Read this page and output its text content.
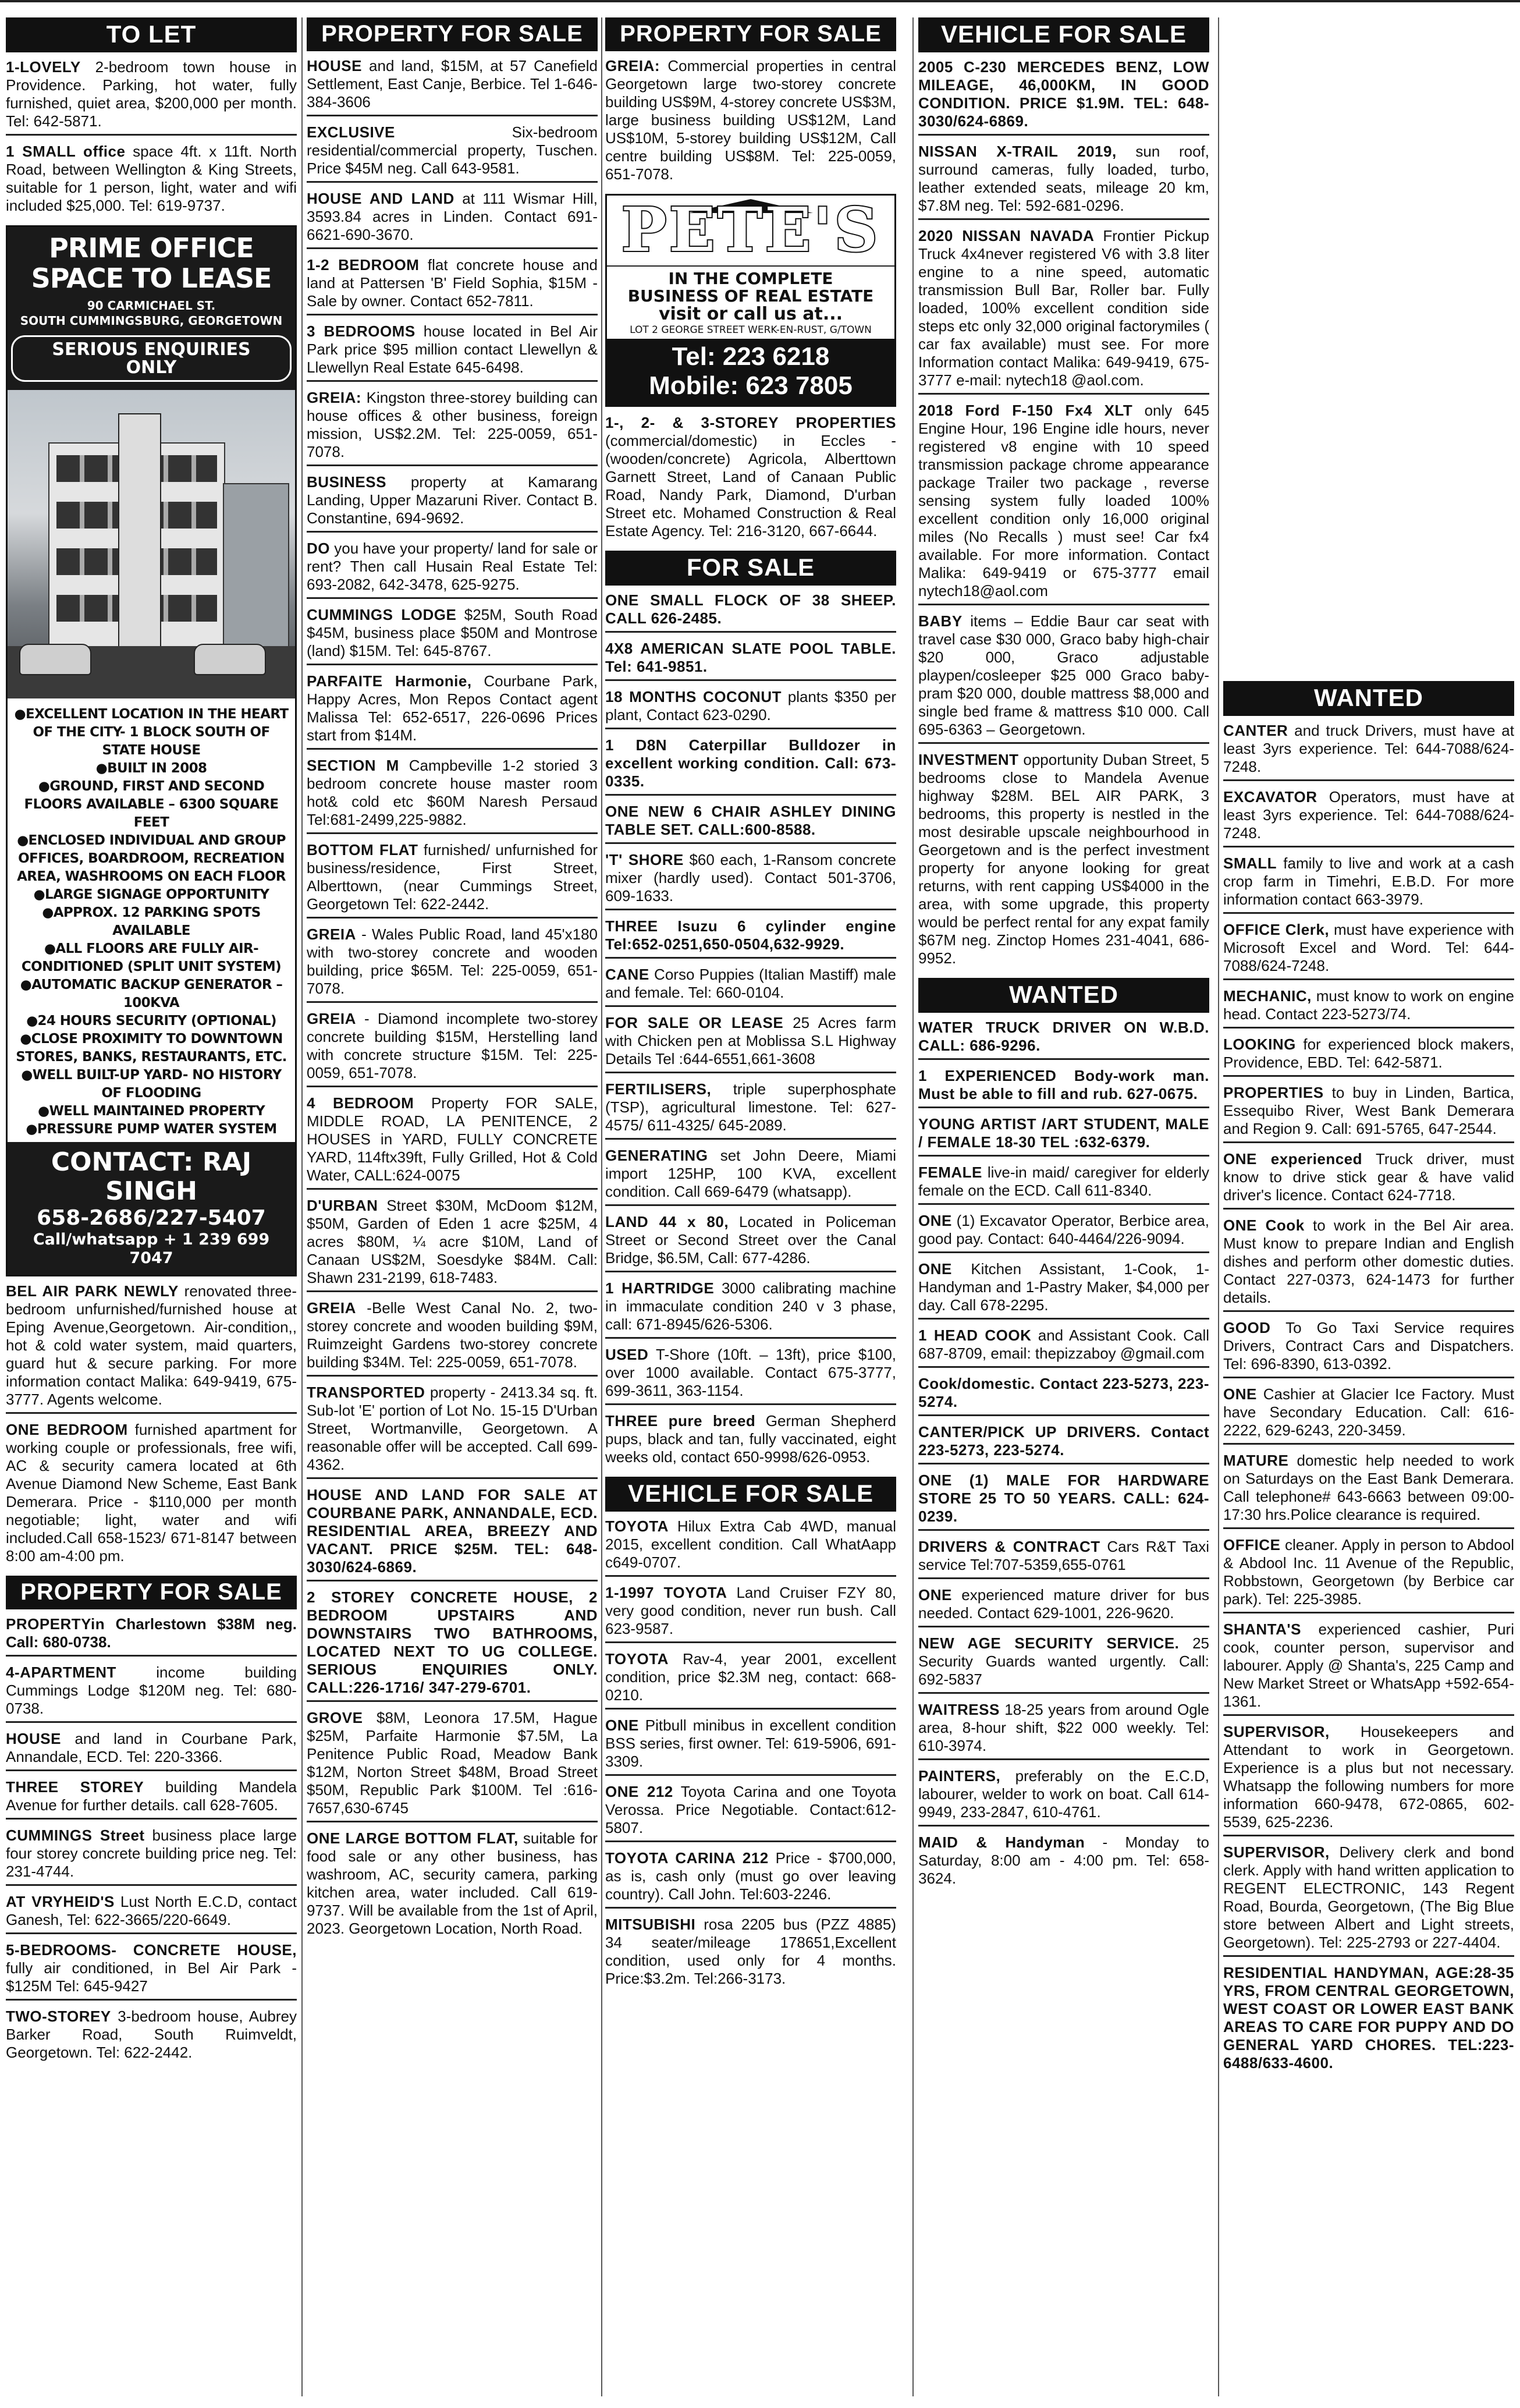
TO LET
1-LOVELY 2-bedroom town house in Providence. Parking, hot water, fully furnished, quiet area, $200,000 per month. Tel: 642-5871.
1 SMALL office space 4ft. x 11ft. North Road, between Wellington & King Streets, suitable for 1 person, light, water and wifi included $25,000. Tel: 619-9737.
PRIME OFFICE SPACE TO LEASE
90 CARMICHAEL ST.
SOUTH CUMMINGSBURG, GEORGETOWN
SERIOUS ENQUIRIES ONLY
● EXCELLENT LOCATION IN THE HEART OF THE CITY- 1 BLOCK SOUTH OF STATE HOUSE
● BUILT IN 2008
● GROUND, FIRST AND SECOND FLOORS AVAILABLE – 6300 SQUARE FEET
● ENCLOSED INDIVIDUAL AND GROUP OFFICES, BOARDROOM, RECREATION AREA, WASHROOMS ON EACH FLOOR
● LARGE SIGNAGE OPPORTUNITY
● APPROX. 12 PARKING SPOTS AVAILABLE
● ALL FLOORS ARE FULLY AIR-CONDITIONED (SPLIT UNIT SYSTEM)
● AUTOMATIC BACKUP GENERATOR – 100KVA
● 24 HOURS SECURITY (OPTIONAL)
● CLOSE PROXIMITY TO DOWNTOWN STORES, BANKS, RESTAURANTS, ETC.
● WELL BUILT-UP YARD- NO HISTORY OF FLOODING
● WELL MAINTAINED PROPERTY
● PRESSURE PUMP WATER SYSTEM
CONTACT: RAJ SINGH
658-2686/227-5407
Call/whatsapp + 1 239 699 7047
BEL AIR PARK NEWLY renovated three-bedroom unfurnished/furnished house at Eping Avenue,Georgetown. Air-condition,, hot & cold water system, maid quarters, guard hut & secure parking. For more information contact Malika: 649-9419, 675-3777. Agents welcome.
ONE BEDROOM furnished apartment for working couple or professionals, free wifi, AC & security camera located at 6th Avenue Diamond New Scheme, East Bank Demerara. Price - $110,000 per month negotiable; light, water and wifi included.Call 658-1523/ 671-8147 between 8:00 am-4:00 pm.
PROPERTY FOR SALE
PROPERTYin Charlestown $38M neg. Call: 680-0738.
4-APARTMENT income building Cummings Lodge $120M neg. Tel: 680-0738.
HOUSE and land in Courbane Park, Annandale, ECD. Tel: 220-3366.
THREE STOREY building Mandela Avenue for further details. call 628-7605.
CUMMINGS Street business place large four storey concrete building price neg. Tel: 231-4744.
AT VRYHEID'S Lust North E.C.D, contact Ganesh, Tel: 622-3665/220-6649.
5-BEDROOMS- CONCRETE HOUSE, fully air conditioned, in Bel Air Park - $125M Tel: 645-9427
TWO-STOREY 3-bedroom house, Aubrey Barker Road, South Ruimveldt, Georgetown. Tel: 622-2442.
PROPERTY FOR SALE
HOUSE and land, $15M, at 57 Canefield Settlement, East Canje, Berbice. Tel 1-646-384-3606
EXCLUSIVE Six-bedroom residential/commercial property, Tuschen. Price $45M neg. Call 643-9581.
HOUSE AND LAND at 111 Wismar Hill, 3593.84 acres in Linden. Contact 691-6621-690-3670.
1-2 BEDROOM flat concrete house and land at Pattersen 'B' Field Sophia, $15M - Sale by owner. Contact 652-7811.
3 BEDROOMS house located in Bel Air Park price $95 million contact Llewellyn & Llewellyn Real Estate 645-6498.
GREIA: Kingston three-storey building can house offices & other business, foreign mission, US$2.2M. Tel: 225-0059, 651-7078.
BUSINESS property at Kamarang Landing, Upper Mazaruni River. Contact B. Constantine, 694-9692.
DO you have your property/ land for sale or rent? Then call Husain Real Estate Tel: 693-2082, 642-3478, 625-9275.
CUMMINGS LODGE $25M, South Road $45M, business place $50M and Montrose (land) $15M. Tel: 645-8767.
PARFAITE Harmonie, Courbane Park, Happy Acres, Mon Repos Contact agent Malissa Tel: 652-6517, 226-0696 Prices start from $14M.
SECTION M Campbeville 1-2 storied 3 bedroom concrete house master room hot& cold etc $60M Naresh Persaud Tel:681-2499,225-9882.
BOTTOM FLAT furnished/ unfurnished for business/residence, First Street, Alberttown, (near Cummings Street, Georgetown Tel: 622-2442.
GREIA - Wales Public Road, land 45'x180 with two-storey concrete and wooden building, price $65M. Tel: 225-0059, 651-7078.
GREIA - Diamond incomplete two-storey concrete building $15M, Herstelling land with concrete structure $15M. Tel: 225-0059, 651-7078.
4 BEDROOM Property FOR SALE, MIDDLE ROAD, LA PENITENCE, 2 HOUSES in YARD, FULLY CONCRETE YARD, 114ftx39ft, Fully Grilled, Hot & Cold Water, CALL:624-0075
D'URBAN Street $30M, McDoom $12M, $50M, Garden of Eden 1 acre $25M, 4 acres $80M, ¼ acre $10M, Land of Canaan US$2M, Soesdyke $84M. Call: Shawn 231-2199, 618-7483.
GREIA -Belle West Canal No. 2, two-storey concrete and wooden building $9M, Ruimzeight Gardens two-storey concrete building $34M. Tel: 225-0059, 651-7078.
TRANSPORTED property - 2413.34 sq. ft. Sub-lot 'E' portion of Lot No. 15-15 D'Urban Street, Wortmanville, Georgetown. A reasonable offer will be accepted. Call 699-4362.
HOUSE AND LAND FOR SALE AT COURBANE PARK, ANNANDALE, ECD. RESIDENTIAL AREA, BREEZY AND VACANT. PRICE $25M. TEL: 648-3030/624-6869.
2 STOREY CONCRETE HOUSE, 2 BEDROOM UPSTAIRS AND DOWNSTAIRS TWO BATHROOMS, LOCATED NEXT TO UG COLLEGE. SERIOUS ENQUIRIES ONLY. CALL:226-1716/ 347-279-6701.
GROVE $8M, Leonora 17.5M, Hague $25M, Parfaite Harmonie $7.5M, La Penitence Public Road, Meadow Bank $12M, Norton Street $48M, Broad Street $50M, Republic Park $100M. Tel :616-7657,630-6745
ONE LARGE BOTTOM FLAT, suitable for food sale or any other business, has washroom, AC, security camera, parking kitchen area, water included. Call 619-9737. Will be available from the 1st of April, 2023. Georgetown Location, North Road.
PROPERTY FOR SALE
GREIA: Commercial properties in central Georgetown large two-storey concrete building US$9M, 4-storey concrete US$3M, large business building US$12M, Land US$10M, 5-storey building US$12M, Call centre building US$8M. Tel: 225-0059, 651-7078.
PETE'S
IN THE COMPLETE
BUSINESS OF REAL ESTATE
visit or call us at...
LOT 2 GEORGE STREET WERK-EN-RUST, G/TOWN
Tel: 223 6218
Mobile: 623 7805
1-, 2- & 3-STOREY PROPERTIES (commercial/domestic) in Eccles - (wooden/concrete) Agricola, Alberttown Garnett Street, Land of Canaan Public Road, Nandy Park, Diamond, D'urban Street etc. Mohamed Construction & Real Estate Agency. Tel: 216-3120, 667-6644.
FOR SALE
ONE SMALL FLOCK OF 38 SHEEP. CALL 626-2485.
4X8 AMERICAN SLATE POOL TABLE. Tel: 641-9851.
18 MONTHS COCONUT plants $350 per plant, Contact 623-0290.
1 D8N Caterpillar Bulldozer in excellent working condition. Call: 673-0335.
ONE NEW 6 CHAIR ASHLEY DINING TABLE SET. CALL:600-8588.
'T' SHORE $60 each, 1-Ransom concrete mixer (hardly used). Contact 501-3706, 609-1633.
THREE Isuzu 6 cylinder engine Tel:652-0251,650-0504,632-9929.
CANE Corso Puppies (Italian Mastiff) male and female. Tel: 660-0104.
FOR SALE OR LEASE 25 Acres farm with Chicken pen at Moblissa S.L Highway Details Tel :644-6551,661-3608
FERTILISERS, triple superphosphate (TSP), agricultural limestone. Tel: 627-4575/ 611-4325/ 645-2089.
GENERATING set John Deere, Miami import 125HP, 100 KVA, excellent condition. Call 669-6479 (whatsapp).
LAND 44 x 80, Located in Policeman Street or Second Street over the Canal Bridge, $6.5M, Call: 677-4286.
1 HARTRIDGE 3000 calibrating machine in immaculate condition 240 v 3 phase, call: 671-8945/626-5306.
USED T-Shore (10ft. – 13ft), price $100, over 1000 available. Contact 675-3777, 699-3611, 363-1154.
THREE pure breed German Shepherd pups, black and tan, fully vaccinated, eight weeks old, contact 650-9998/626-0953.
VEHICLE FOR SALE
TOYOTA Hilux Extra Cab 4WD, manual 2015, excellent condition. Call WhatAapp c649-0707.
1-1997 TOYOTA Land Cruiser FZY 80, very good condition, never run bush. Call 623-9587.
TOYOTA Rav-4, year 2001, excellent condition, price $2.3M neg, contact: 668-0210.
ONE Pitbull minibus in excellent condition BSS series, first owner. Tel: 619-5906, 691-3309.
ONE 212 Toyota Carina and one Toyota Verossa. Price Negotiable. Contact:612-5807.
TOYOTA CARINA 212 Price - $700,000, as is, cash only (must go over leaving country). Call John. Tel:603-2246.
MITSUBISHI rosa 2205 bus (PZZ 4885) 34 seater/mileage 178651,Excellent condition, used only for 4 months. Price:$3.2m. Tel:266-3173.
VEHICLE FOR SALE
2005 C-230 MERCEDES BENZ, LOW MILEAGE, 46,000KM, IN GOOD CONDITION. PRICE $1.9M. TEL: 648-3030/624-6869.
NISSAN X-TRAIL 2019, sun roof, surround cameras, fully loaded, turbo, leather extended seats, mileage 20 km, $7.8M neg. Tel: 592-681-0296.
2020 NISSAN NAVADA Frontier Pickup Truck 4x4never registered V6 with 3.8 liter engine to a nine speed, automatic transmission Bull Bar, Roller bar. Fully loaded, 100% excellent condition side steps etc only 32,000 original factorymiles ( car fax available) must see. For more Information contact Malika: 649-9419, 675-3777 e-mail: nytech18 @aol.com.
2018 Ford F-150 Fx4 XLT only 645 Engine Hour, 196 Engine idle hours, never registered v8 engine with 10 speed transmission package chrome appearance package Trailer two package , reverse sensing system fully loaded 100% excellent condition only 16,000 original miles (No Recalls ) must see! Car fx4 available. For more information. Contact Malika: 649-9419 or 675-3777 email nytech18@aol.com
BABY items – Eddie Baur car seat with travel case $30 000, Graco baby high-chair $20 000, Graco adjustable playpen/cosleeper $25 000 Graco baby-pram $20 000, double mattress $8,000 and single bed frame & mattress $10 000. Call 695-6363 – Georgetown.
INVESTMENT opportunity Duban Street, 5 bedrooms close to Mandela Avenue highway $28M. BEL AIR PARK, 3 bedrooms, this property is nestled in the most desirable upscale neighbourhood in Georgetown and is the perfect investment property for anyone looking for great returns, with rent capping US$4000 in the area, with some upgrade, this property would be perfect rental for any expat family $67M neg. Zinctop Homes 231-4041, 686-9952.
WANTED
WATER TRUCK DRIVER ON W.B.D. CALL: 686-9296.
1 EXPERIENCED Body-work man. Must be able to fill and rub. 627-0675.
YOUNG ARTIST /ART STUDENT, MALE / FEMALE 18-30 TEL :632-6379.
FEMALE live-in maid/ caregiver for elderly female on the ECD. Call 611-8340.
ONE (1) Excavator Operator, Berbice area, good pay. Contact: 640-4464/226-9094.
ONE Kitchen Assistant, 1-Cook, 1-Handyman and 1-Pastry Maker, $4,000 per day. Call 678-2295.
1 HEAD COOK and Assistant Cook. Call 687-8709, email: thepizzaboy @gmail.com
Cook/domestic. Contact 223-5273, 223-5274.
CANTER/PICK UP DRIVERS. Contact 223-5273, 223-5274.
ONE (1) MALE FOR HARDWARE STORE 25 TO 50 YEARS. CALL: 624-0239.
DRIVERS & CONTRACT Cars R&T Taxi service Tel:707-5359,655-0761
ONE experienced mature driver for bus needed. Contact 629-1001, 226-9620.
NEW AGE SECURITY SERVICE. 25 Security Guards wanted urgently. Call: 692-5837
WAITRESS 18-25 years from around Ogle area, 8-hour shift, $22 000 weekly. Tel: 610-3974.
PAINTERS, preferably on the E.C.D, labourer, welder to work on boat. Call 614-9949, 233-2847, 610-4761.
MAID & Handyman - Monday to Saturday, 8:00 am - 4:00 pm. Tel: 658-3624.
WANTED
CANTER and truck Drivers, must have at least 3yrs experience. Tel: 644-7088/624-7248.
EXCAVATOR Operators, must have at least 3yrs experience. Tel: 644-7088/624-7248.
SMALL family to live and work at a cash crop farm in Timehri, E.B.D. For more information contact 663-3979.
OFFICE Clerk, must have experience with Microsoft Excel and Word. Tel: 644-7088/624-7248.
MECHANIC, must know to work on engine head. Contact 223-5273/74.
LOOKING for experienced block makers, Providence, EBD. Tel: 642-5871.
PROPERTIES to buy in Linden, Bartica, Essequibo River, West Bank Demerara and Region 9. Call: 691-5765, 647-2544.
ONE experienced Truck driver, must know to drive stick gear & have valid driver's licence. Contact 624-7718.
ONE Cook to work in the Bel Air area. Must know to prepare Indian and English dishes and perform other domestic duties. Contact 227-0373, 624-1473 for further details.
GOOD To Go Taxi Service requires Drivers, Contract Cars and Dispatchers. Tel: 696-8390, 613-0392.
ONE Cashier at Glacier Ice Factory. Must have Secondary Education. Call: 616-2222, 629-6243, 220-3459.
MATURE domestic help needed to work on Saturdays on the East Bank Demerara. Call telephone# 643-6663 between 09:00- 17:30 hrs.Police clearance is required.
OFFICE cleaner. Apply in person to Abdool & Abdool Inc. 11 Avenue of the Republic, Robbstown, Georgetown (by Berbice car park). Tel: 225-3985.
SHANTA'S experienced cashier, Puri cook, counter person, supervisor and labourer. Apply @ Shanta's, 225 Camp and New Market Street or WhatsApp +592-654-1361.
SUPERVISOR, Housekeepers and Attendant to work in Georgetown. Experience is a plus but not necessary. Whatsapp the following numbers for more information 660-9478, 672-0865, 602-5539, 625-2236.
SUPERVISOR, Delivery clerk and bond clerk. Apply with hand written application to REGENT ELECTRONIC, 143 Regent Road, Bourda, Georgetown, (The Big Blue store between Albert and Light streets, Georgetown). Tel: 225-2793 or 227-4404.
RESIDENTIAL HANDYMAN, AGE:28-35 YRS, FROM CENTRAL GEORGETOWN, WEST COAST OR LOWER EAST BANK AREAS TO CARE FOR PUPPY AND DO GENERAL YARD CHORES. TEL:223-6488/633-4600.
